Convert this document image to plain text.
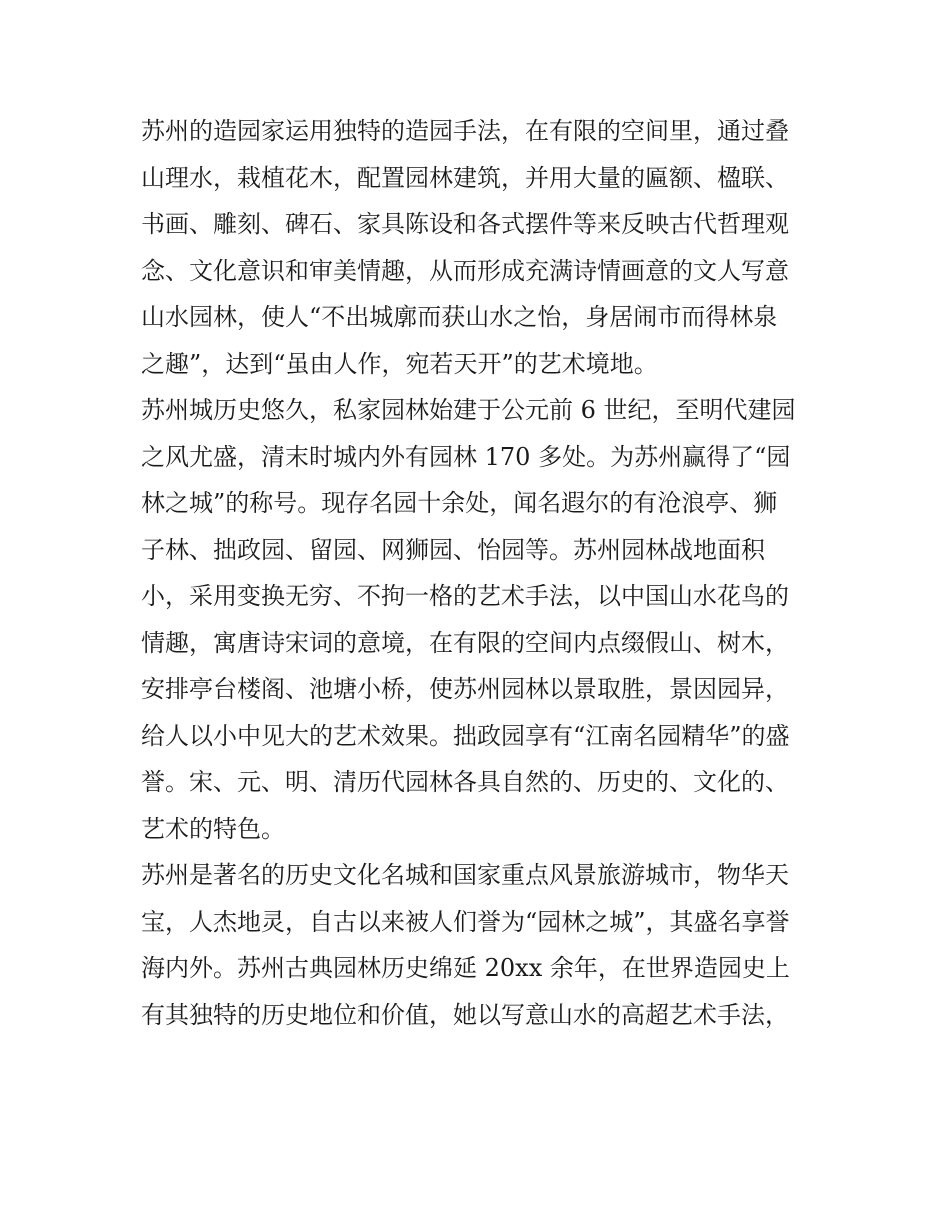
苏州的造园家运用独特的造园手法，在有限的空间里，通过叠
山理水，栽植花木，配置园林建筑，并用大量的匾额、楹联、
书画、雕刻、碑石、家具陈设和各式摆件等来反映古代哲理观
念、文化意识和审美情趣，从而形成充满诗情画意的文人写意
山水园林，使人“不出城廓而获山水之怡，身居闹市而得林泉
之趣”，达到“虽由人作，宛若天开”的艺术境地。
苏州城历史悠久，私家园林始建于公元前 6 世纪，至明代建园
之风尤盛，清末时城内外有园林 170 多处。为苏州赢得了“园
林之城”的称号。现存名园十余处，闻名遐尔的有沧浪亭、狮
子林、拙政园、留园、网狮园、怡园等。苏州园林战地面积
小，采用变换无穷、不拘一格的艺术手法，以中国山水花鸟的
情趣，寓唐诗宋词的意境，在有限的空间内点缀假山、树木，
安排亭台楼阁、池塘小桥，使苏州园林以景取胜，景因园异，
给人以小中见大的艺术效果。拙政园享有“江南名园精华”的盛
誉。宋、元、明、清历代园林各具自然的、历史的、文化的、
艺术的特色。
苏州是著名的历史文化名城和国家重点风景旅游城市，物华天
宝，人杰地灵，自古以来被人们誉为“园林之城”，其盛名享誉
海内外。苏州古典园林历史绵延 20xx 余年，在世界造园史上
有其独特的历史地位和价值，她以写意山水的高超艺术手法，
